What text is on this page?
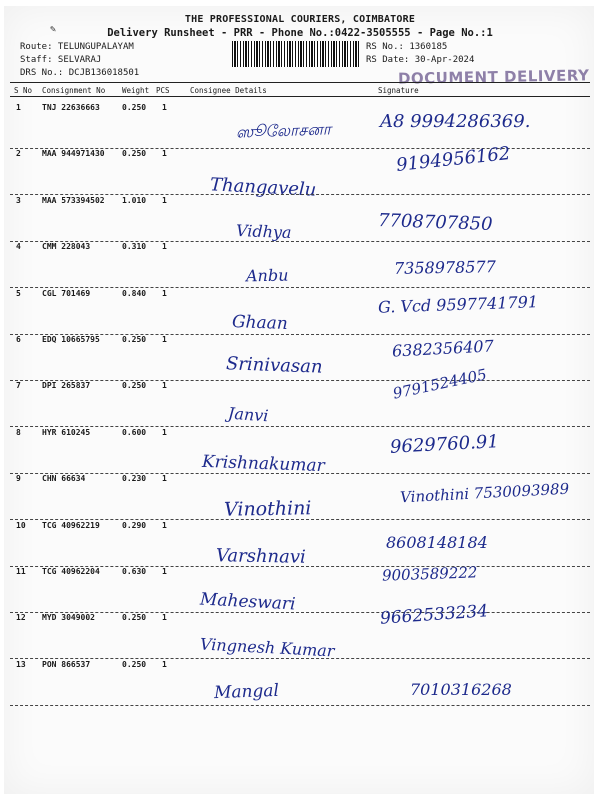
✎
THE PROFESSIONAL COURIERS, COIMBATORE
Delivery Runsheet - PRR - Phone No.:0422-3505555 - Page No.:1
Route: TELUNGUPALAYAM
Staff: SELVARAJ
DRS No.: DCJB136018501
RS No.: 1360185
RS Date: 30-Apr-2024
DOCUMENT DELIVERY
S No Consignment No Weight PCS	Consignee Details	Signature
1	TNJ 22636663	0.250 1
ஸூலோசனா	A8 9994286369.
2	MAA 944971430 0.250 1
Thangavelu
9194956162
3	MAA 573394502 1.010 1
Vidhya	7708707850
4	CMM 228043	0.310 1
Anbu	7358978577
5	CGL 701469	0.840 1
Ghaan
G. Vcd 9597741791
6	EDQ 10665795	0.250 1
Srinivasan
6382356407
7	DPI 265837	0.250 1
Janvi
9791524405
8	HYR 610245	0.600 1
Krishnakumar
9629760.91
9	CHN 66634	0.230 1
Vinothini
Vinothini 7530093989
10 TCG 40962219	0.290 1
Varshnavi
8608148184
11 TCG 40962204	0.630 1
Maheswari
9003589222
12 MYD 3049002	0.250 1
Vingnesh Kumar
9662533234
13 PON 866537	0.250 1
Mangal	7010316268
